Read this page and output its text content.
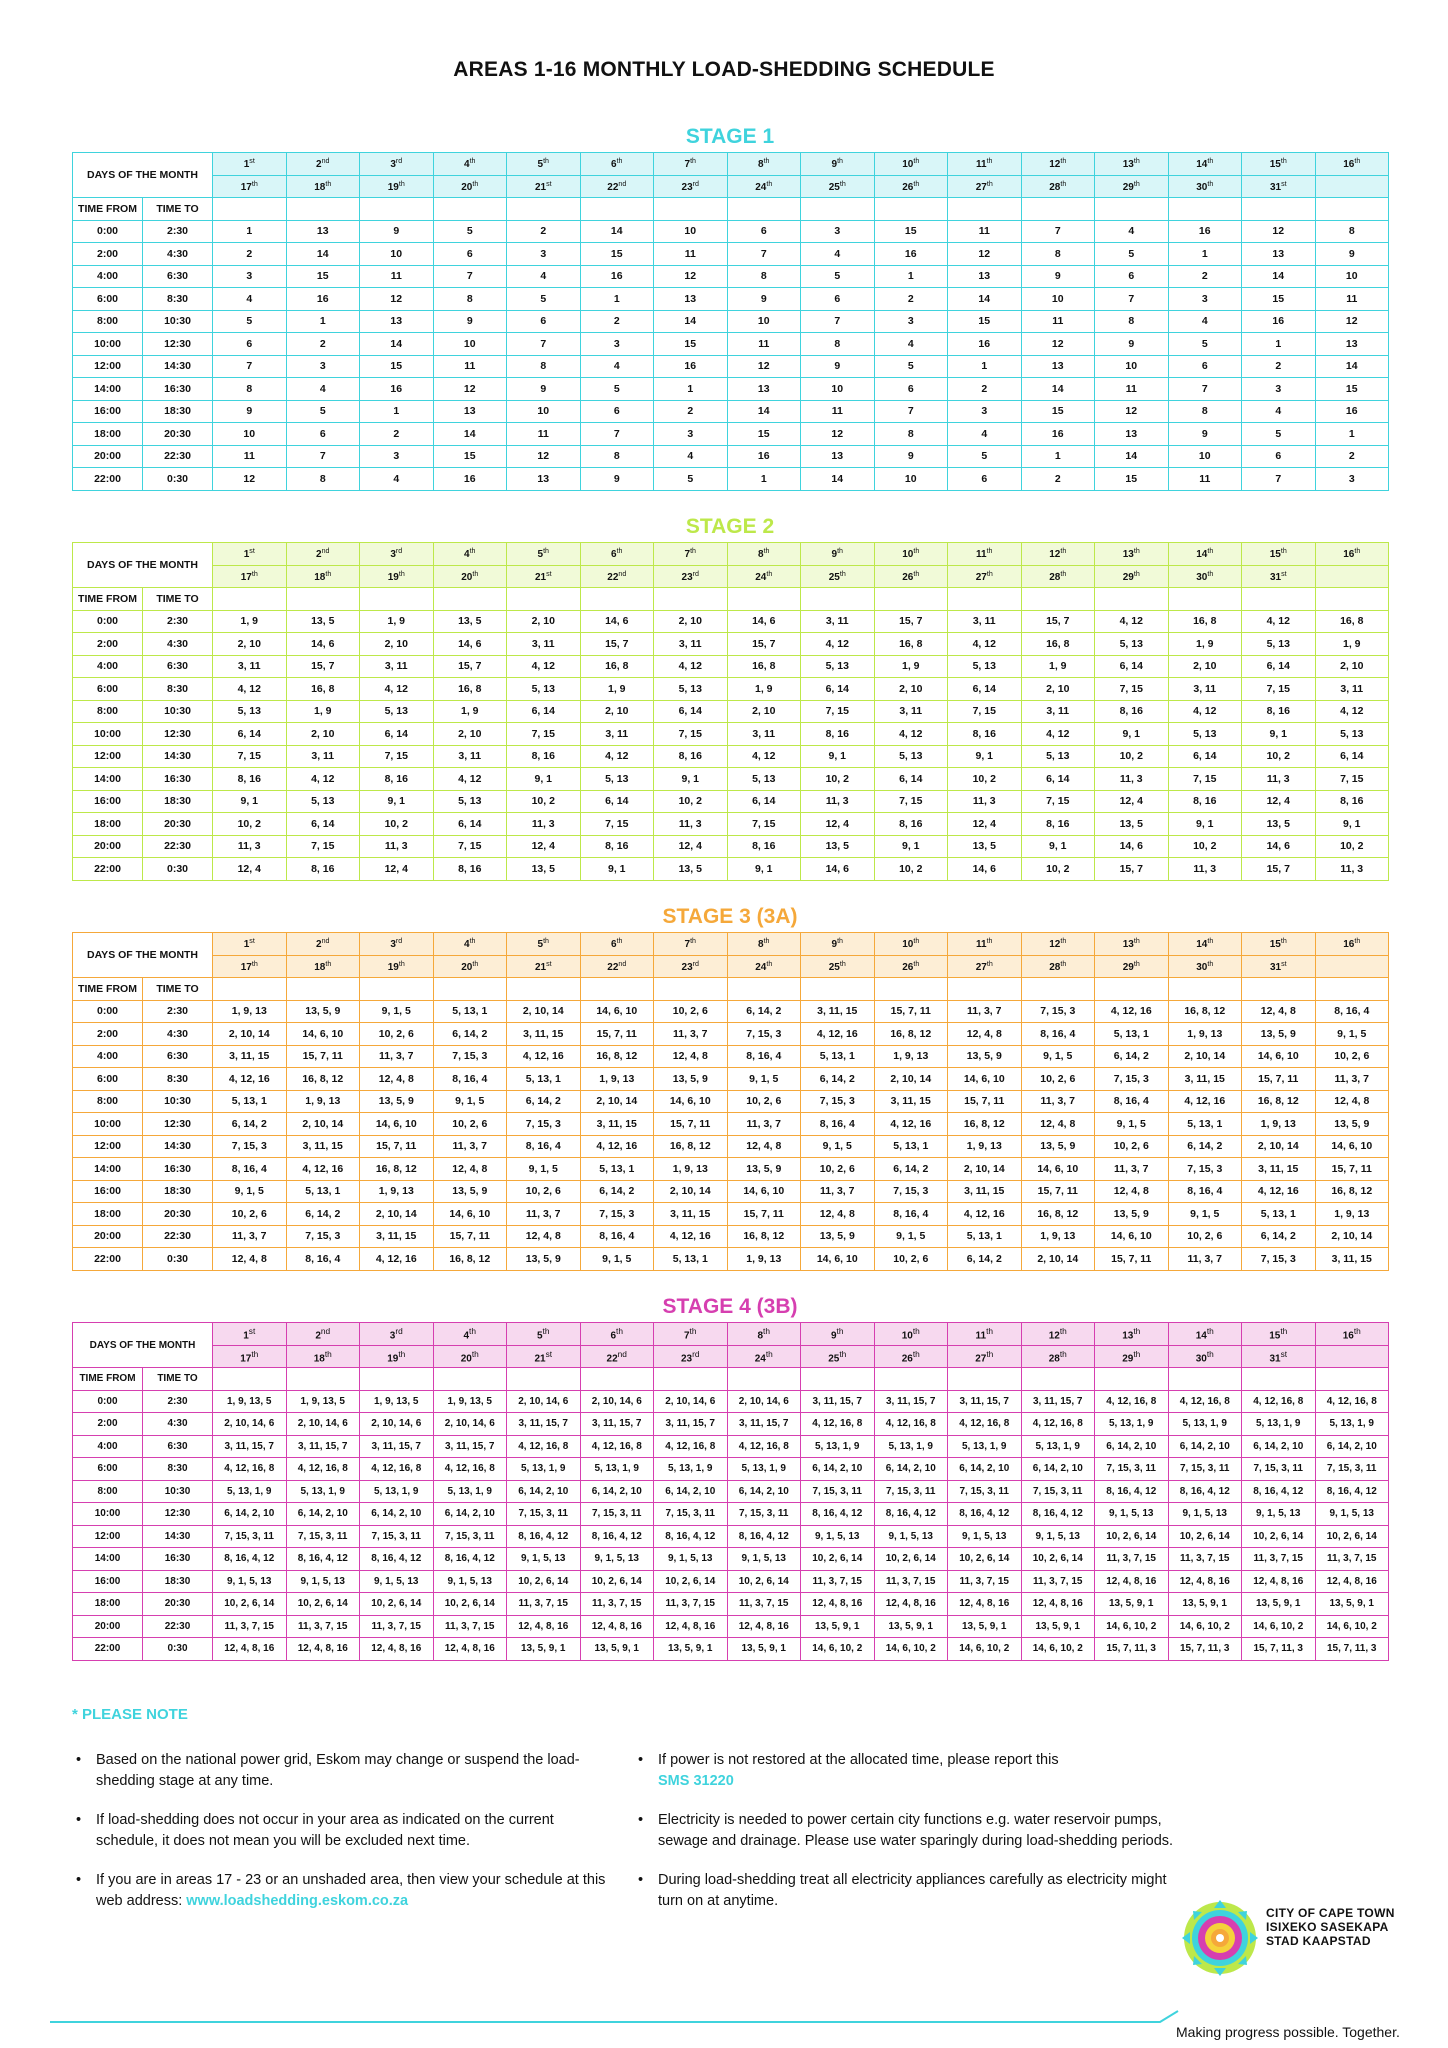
AREAS 1-16 MONTHLY LOAD-SHEDDING SCHEDULE
STAGE 1
DAYS OF THE MONTH		1st	2nd	3rd	4th	5th	6th	7th	8th	9th	10th	11th	12th	13th	14th	15th	16th
		17th	18th	19th	20th	21st	22nd	23rd	24th	25th	26th	27th	28th	29th	30th	31st	
TIME FROM	TIME TO																
0:00	2:30	1	13	9	5	2	14	10	6	3	15	11	7	4	16	12	8
2:00	4:30	2	14	10	6	3	15	11	7	4	16	12	8	5	1	13	9
4:00	6:30	3	15	11	7	4	16	12	8	5	1	13	9	6	2	14	10
6:00	8:30	4	16	12	8	5	1	13	9	6	2	14	10	7	3	15	11
8:00	10:30	5	1	13	9	6	2	14	10	7	3	15	11	8	4	16	12
10:00	12:30	6	2	14	10	7	3	15	11	8	4	16	12	9	5	1	13
12:00	14:30	7	3	15	11	8	4	16	12	9	5	1	13	10	6	2	14
14:00	16:30	8	4	16	12	9	5	1	13	10	6	2	14	11	7	3	15
16:00	18:30	9	5	1	13	10	6	2	14	11	7	3	15	12	8	4	16
18:00	20:30	10	6	2	14	11	7	3	15	12	8	4	16	13	9	5	1
20:00	22:30	11	7	3	15	12	8	4	16	13	9	5	1	14	10	6	2
22:00	0:30	12	8	4	16	13	9	5	1	14	10	6	2	15	11	7	3
STAGE 2
DAYS OF THE MONTH		1st	2nd	3rd	4th	5th	6th	7th	8th	9th	10th	11th	12th	13th	14th	15th	16th
		17th	18th	19th	20th	21st	22nd	23rd	24th	25th	26th	27th	28th	29th	30th	31st	
TIME FROM	TIME TO																
0:00	2:30	1, 9	13, 5	1, 9	13, 5	2, 10	14, 6	2, 10	14, 6	3, 11	15, 7	3, 11	15, 7	4, 12	16, 8	4, 12	16, 8
2:00	4:30	2, 10	14, 6	2, 10	14, 6	3, 11	15, 7	3, 11	15, 7	4, 12	16, 8	4, 12	16, 8	5, 13	1, 9	5, 13	1, 9
4:00	6:30	3, 11	15, 7	3, 11	15, 7	4, 12	16, 8	4, 12	16, 8	5, 13	1, 9	5, 13	1, 9	6, 14	2, 10	6, 14	2, 10
6:00	8:30	4, 12	16, 8	4, 12	16, 8	5, 13	1, 9	5, 13	1, 9	6, 14	2, 10	6, 14	2, 10	7, 15	3, 11	7, 15	3, 11
8:00	10:30	5, 13	1, 9	5, 13	1, 9	6, 14	2, 10	6, 14	2, 10	7, 15	3, 11	7, 15	3, 11	8, 16	4, 12	8, 16	4, 12
10:00	12:30	6, 14	2, 10	6, 14	2, 10	7, 15	3, 11	7, 15	3, 11	8, 16	4, 12	8, 16	4, 12	9, 1	5, 13	9, 1	5, 13
12:00	14:30	7, 15	3, 11	7, 15	3, 11	8, 16	4, 12	8, 16	4, 12	9, 1	5, 13	9, 1	5, 13	10, 2	6, 14	10, 2	6, 14
14:00	16:30	8, 16	4, 12	8, 16	4, 12	9, 1	5, 13	9, 1	5, 13	10, 2	6, 14	10, 2	6, 14	11, 3	7, 15	11, 3	7, 15
16:00	18:30	9, 1	5, 13	9, 1	5, 13	10, 2	6, 14	10, 2	6, 14	11, 3	7, 15	11, 3	7, 15	12, 4	8, 16	12, 4	8, 16
18:00	20:30	10, 2	6, 14	10, 2	6, 14	11, 3	7, 15	11, 3	7, 15	12, 4	8, 16	12, 4	8, 16	13, 5	9, 1	13, 5	9, 1
20:00	22:30	11, 3	7, 15	11, 3	7, 15	12, 4	8, 16	12, 4	8, 16	13, 5	9, 1	13, 5	9, 1	14, 6	10, 2	14, 6	10, 2
22:00	0:30	12, 4	8, 16	12, 4	8, 16	13, 5	9, 1	13, 5	9, 1	14, 6	10, 2	14, 6	10, 2	15, 7	11, 3	15, 7	11, 3
STAGE 3 (3A)
DAYS OF THE MONTH		1st	2nd	3rd	4th	5th	6th	7th	8th	9th	10th	11th	12th	13th	14th	15th	16th
		17th	18th	19th	20th	21st	22nd	23rd	24th	25th	26th	27th	28th	29th	30th	31st	
TIME FROM	TIME TO																
0:00	2:30	1, 9, 13	13, 5, 9	9, 1, 5	5, 13, 1	2, 10, 14	14, 6, 10	10, 2, 6	6, 14, 2	3, 11, 15	15, 7, 11	11, 3, 7	7, 15, 3	4, 12, 16	16, 8, 12	12, 4, 8	8, 16, 4
2:00	4:30	2, 10, 14	14, 6, 10	10, 2, 6	6, 14, 2	3, 11, 15	15, 7, 11	11, 3, 7	7, 15, 3	4, 12, 16	16, 8, 12	12, 4, 8	8, 16, 4	5, 13, 1	1, 9, 13	13, 5, 9	9, 1, 5
4:00	6:30	3, 11, 15	15, 7, 11	11, 3, 7	7, 15, 3	4, 12, 16	16, 8, 12	12, 4, 8	8, 16, 4	5, 13, 1	1, 9, 13	13, 5, 9	9, 1, 5	6, 14, 2	2, 10, 14	14, 6, 10	10, 2, 6
6:00	8:30	4, 12, 16	16, 8, 12	12, 4, 8	8, 16, 4	5, 13, 1	1, 9, 13	13, 5, 9	9, 1, 5	6, 14, 2	2, 10, 14	14, 6, 10	10, 2, 6	7, 15, 3	3, 11, 15	15, 7, 11	11, 3, 7
8:00	10:30	5, 13, 1	1, 9, 13	13, 5, 9	9, 1, 5	6, 14, 2	2, 10, 14	14, 6, 10	10, 2, 6	7, 15, 3	3, 11, 15	15, 7, 11	11, 3, 7	8, 16, 4	4, 12, 16	16, 8, 12	12, 4, 8
10:00	12:30	6, 14, 2	2, 10, 14	14, 6, 10	10, 2, 6	7, 15, 3	3, 11, 15	15, 7, 11	11, 3, 7	8, 16, 4	4, 12, 16	16, 8, 12	12, 4, 8	9, 1, 5	5, 13, 1	1, 9, 13	13, 5, 9
12:00	14:30	7, 15, 3	3, 11, 15	15, 7, 11	11, 3, 7	8, 16, 4	4, 12, 16	16, 8, 12	12, 4, 8	9, 1, 5	5, 13, 1	1, 9, 13	13, 5, 9	10, 2, 6	6, 14, 2	2, 10, 14	14, 6, 10
14:00	16:30	8, 16, 4	4, 12, 16	16, 8, 12	12, 4, 8	9, 1, 5	5, 13, 1	1, 9, 13	13, 5, 9	10, 2, 6	6, 14, 2	2, 10, 14	14, 6, 10	11, 3, 7	7, 15, 3	3, 11, 15	15, 7, 11
16:00	18:30	9, 1, 5	5, 13, 1	1, 9, 13	13, 5, 9	10, 2, 6	6, 14, 2	2, 10, 14	14, 6, 10	11, 3, 7	7, 15, 3	3, 11, 15	15, 7, 11	12, 4, 8	8, 16, 4	4, 12, 16	16, 8, 12
18:00	20:30	10, 2, 6	6, 14, 2	2, 10, 14	14, 6, 10	11, 3, 7	7, 15, 3	3, 11, 15	15, 7, 11	12, 4, 8	8, 16, 4	4, 12, 16	16, 8, 12	13, 5, 9	9, 1, 5	5, 13, 1	1, 9, 13
20:00	22:30	11, 3, 7	7, 15, 3	3, 11, 15	15, 7, 11	12, 4, 8	8, 16, 4	4, 12, 16	16, 8, 12	13, 5, 9	9, 1, 5	5, 13, 1	1, 9, 13	14, 6, 10	10, 2, 6	6, 14, 2	2, 10, 14
22:00	0:30	12, 4, 8	8, 16, 4	4, 12, 16	16, 8, 12	13, 5, 9	9, 1, 5	5, 13, 1	1, 9, 13	14, 6, 10	10, 2, 6	6, 14, 2	2, 10, 14	15, 7, 11	11, 3, 7	7, 15, 3	3, 11, 15
STAGE 4 (3B)
DAYS OF THE MONTH		1st	2nd	3rd	4th	5th	6th	7th	8th	9th	10th	11th	12th	13th	14th	15th	16th
		17th	18th	19th	20th	21st	22nd	23rd	24th	25th	26th	27th	28th	29th	30th	31st	
TIME FROM	TIME TO																
0:00	2:30	1, 9, 13, 5	1, 9, 13, 5	1, 9, 13, 5	1, 9, 13, 5	2, 10, 14, 6	2, 10, 14, 6	2, 10, 14, 6	2, 10, 14, 6	3, 11, 15, 7	3, 11, 15, 7	3, 11, 15, 7	3, 11, 15, 7	4, 12, 16, 8	4, 12, 16, 8	4, 12, 16, 8	4, 12, 16, 8
2:00	4:30	2, 10, 14, 6	2, 10, 14, 6	2, 10, 14, 6	2, 10, 14, 6	3, 11, 15, 7	3, 11, 15, 7	3, 11, 15, 7	3, 11, 15, 7	4, 12, 16, 8	4, 12, 16, 8	4, 12, 16, 8	4, 12, 16, 8	5, 13, 1, 9	5, 13, 1, 9	5, 13, 1, 9	5, 13, 1, 9
4:00	6:30	3, 11, 15, 7	3, 11, 15, 7	3, 11, 15, 7	3, 11, 15, 7	4, 12, 16, 8	4, 12, 16, 8	4, 12, 16, 8	4, 12, 16, 8	5, 13, 1, 9	5, 13, 1, 9	5, 13, 1, 9	5, 13, 1, 9	6, 14, 2, 10	6, 14, 2, 10	6, 14, 2, 10	6, 14, 2, 10
6:00	8:30	4, 12, 16, 8	4, 12, 16, 8	4, 12, 16, 8	4, 12, 16, 8	5, 13, 1, 9	5, 13, 1, 9	5, 13, 1, 9	5, 13, 1, 9	6, 14, 2, 10	6, 14, 2, 10	6, 14, 2, 10	6, 14, 2, 10	7, 15, 3, 11	7, 15, 3, 11	7, 15, 3, 11	7, 15, 3, 11
8:00	10:30	5, 13, 1, 9	5, 13, 1, 9	5, 13, 1, 9	5, 13, 1, 9	6, 14, 2, 10	6, 14, 2, 10	6, 14, 2, 10	6, 14, 2, 10	7, 15, 3, 11	7, 15, 3, 11	7, 15, 3, 11	7, 15, 3, 11	8, 16, 4, 12	8, 16, 4, 12	8, 16, 4, 12	8, 16, 4, 12
10:00	12:30	6, 14, 2, 10	6, 14, 2, 10	6, 14, 2, 10	6, 14, 2, 10	7, 15, 3, 11	7, 15, 3, 11	7, 15, 3, 11	7, 15, 3, 11	8, 16, 4, 12	8, 16, 4, 12	8, 16, 4, 12	8, 16, 4, 12	9, 1, 5, 13	9, 1, 5, 13	9, 1, 5, 13	9, 1, 5, 13
12:00	14:30	7, 15, 3, 11	7, 15, 3, 11	7, 15, 3, 11	7, 15, 3, 11	8, 16, 4, 12	8, 16, 4, 12	8, 16, 4, 12	8, 16, 4, 12	9, 1, 5, 13	9, 1, 5, 13	9, 1, 5, 13	9, 1, 5, 13	10, 2, 6, 14	10, 2, 6, 14	10, 2, 6, 14	10, 2, 6, 14
14:00	16:30	8, 16, 4, 12	8, 16, 4, 12	8, 16, 4, 12	8, 16, 4, 12	9, 1, 5, 13	9, 1, 5, 13	9, 1, 5, 13	9, 1, 5, 13	10, 2, 6, 14	10, 2, 6, 14	10, 2, 6, 14	10, 2, 6, 14	11, 3, 7, 15	11, 3, 7, 15	11, 3, 7, 15	11, 3, 7, 15
16:00	18:30	9, 1, 5, 13	9, 1, 5, 13	9, 1, 5, 13	9, 1, 5, 13	10, 2, 6, 14	10, 2, 6, 14	10, 2, 6, 14	10, 2, 6, 14	11, 3, 7, 15	11, 3, 7, 15	11, 3, 7, 15	11, 3, 7, 15	12, 4, 8, 16	12, 4, 8, 16	12, 4, 8, 16	12, 4, 8, 16
18:00	20:30	10, 2, 6, 14	10, 2, 6, 14	10, 2, 6, 14	10, 2, 6, 14	11, 3, 7, 15	11, 3, 7, 15	11, 3, 7, 15	11, 3, 7, 15	12, 4, 8, 16	12, 4, 8, 16	12, 4, 8, 16	12, 4, 8, 16	13, 5, 9, 1	13, 5, 9, 1	13, 5, 9, 1	13, 5, 9, 1
20:00	22:30	11, 3, 7, 15	11, 3, 7, 15	11, 3, 7, 15	11, 3, 7, 15	12, 4, 8, 16	12, 4, 8, 16	12, 4, 8, 16	12, 4, 8, 16	13, 5, 9, 1	13, 5, 9, 1	13, 5, 9, 1	13, 5, 9, 1	14, 6, 10, 2	14, 6, 10, 2	14, 6, 10, 2	14, 6, 10, 2
22:00	0:30	12, 4, 8, 16	12, 4, 8, 16	12, 4, 8, 16	12, 4, 8, 16	13, 5, 9, 1	13, 5, 9, 1	13, 5, 9, 1	13, 5, 9, 1	14, 6, 10, 2	14, 6, 10, 2	14, 6, 10, 2	14, 6, 10, 2	15, 7, 11, 3	15, 7, 11, 3	15, 7, 11, 3	15, 7, 11, 3
* PLEASE NOTE
• Based on the national power grid, Eskom may change or suspend the load-shedding stage at any time.
• If load-shedding does not occur in your area as indicated on the current schedule, it does not mean you will be excluded next time.
• If you are in areas 17 - 23 or an unshaded area, then view your schedule at this web address: www.loadshedding.eskom.co.za
• If power is not restored at the allocated time, please report this
SMS 31220
• Electricity is needed to power certain city functions e.g. water reservoir pumps, sewage and drainage. Please use water sparingly during load-shedding periods.
• During load-shedding treat all electricity appliances carefully as electricity might turn on at anytime.
CITY OF CAPE TOWN
ISIXEKO SASEKAPA
STAD KAAPSTAD
Making progress possible. Together.
